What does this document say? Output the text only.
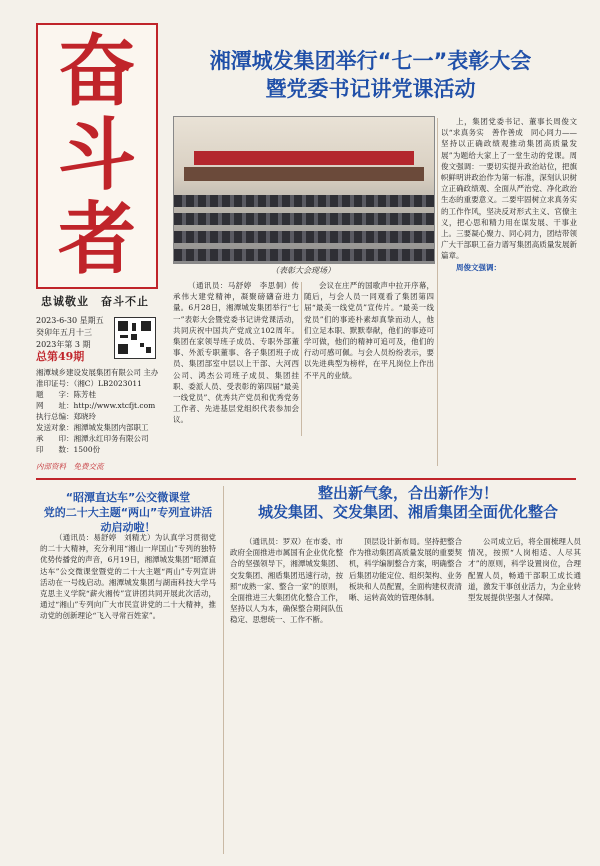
奋
斗
者
忠诚敬业　奋斗不止
2023-6-30 星期五
癸卯年五月十三
2023年第 3 期
总第49期
湘潭城乡建设发展集团有限公司 主办
准印证号：（湘C）LB2023011
题　　字：陈芳桂
网　　址：http://www.xtcfjt.com
执行总编：郑晓玲
发送对象：湘潭城发集团内部职工
承　　印：湘潭永红印务有限公司
印　　数：1500份
内部资料　免费交流
湘潭城发集团举行“七一”表彰大会
暨党委书记讲党课活动
（表彰大会现场）

（通讯员：马舒婷　李思侗）传承伟大建党精神，凝聚磅礴奋进力量。6月28日，湘潭城发集团举行“七一”表彰大会暨党委书记讲党课活动，共同庆祝中国共产党成立102周年。集团在家领导班子成员、专职外部董事、外派专职董事、各子集团班子成员、集团部室中层以上干部、大河西公司、鸿杰公司班子成员、集团挂职、委派人员、受表彰的第四届“最美一线党员”、优秀共产党员和优秀党务工作者、先进基层党组织代表参加会议。

会议在庄严的国歌声中拉开序幕，随后，与会人员一同观看了集团第四届“最美一线党员”宣传片。“最美一线党员”们的事迹朴素却真挚而动人，他们立足本职、默默奉献，他们的事迹可学可做，他们的精神可追可及，他们的行动可感可佩。与会人员纷纷表示，要以先进典型为榜样，在平凡岗位上作出不平凡的业绩。

上，集团党委书记、董事长周俊文以“求真务实　善作善成　同心同力——坚持以正确政绩观推动集团高质量发展”为题给大家上了一堂生动的党课。周俊文强调：一要切实提升政治站位，把旗帜鲜明讲政治作为第一标准，深刻认识树立正确政绩观、全面从严治党、净化政治生态的重要意义。二要牢固树立求真务实的工作作风，坚决反对形式主义、官僚主义，把心思和精力用在谋发展、干事业上。三要凝心聚力、同心同力，团结带领广大干部职工奋力谱写集团高质量发展新篇章。

周俊文强调：

“昭潭直达车”公交微课堂
党的二十大主题“两山”专列宣讲活动启动啦！

（通讯员：易舒婷　刘精尤）为认真学习贯彻党的二十大精神，充分利用“湘山一岸国山”专列的独特优势传播党的声音，6月19日，湘潭城发集团“昭潭直达车”公交微课堂暨党的二十大主题“两山”专列宣讲活动在一号线启动。湘潭城发集团与湖南科技大学马克思主义学院“薪火湘传”宣讲团共同开展此次活动，通过“湘山”专列向广大市民宣讲党的二十大精神，推动党的创新理论“飞入寻常百姓家”。

整出新气象，合出新作为！
城发集团、交发集团、湘盾集团全面优化整合

（通讯员：罗双）在市委、市政府全面推进市属国有企业优化整合的坚强领导下，湘潭城发集团、交发集团、湘盾集团迅速行动，按照“成熟一家、整合一家”的原则，全面推进三大集团优化整合工作，坚持以人为本，确保整合期间队伍稳定、思想统一、工作不断。

顶层设计新布局。坚持把整合作为推动集团高质量发展的重要契机，科学编制整合方案，明确整合后集团功能定位、组织架构、业务板块和人员配置，全面构建权责清晰、运转高效的管理体制。

公司成立后，将全面梳理人员情况，按照“人岗相适、人尽其才”的原则，科学设置岗位，合理配置人员，畅通干部职工成长通道，激发干事创业活力，为企业转型发展提供坚强人才保障。
